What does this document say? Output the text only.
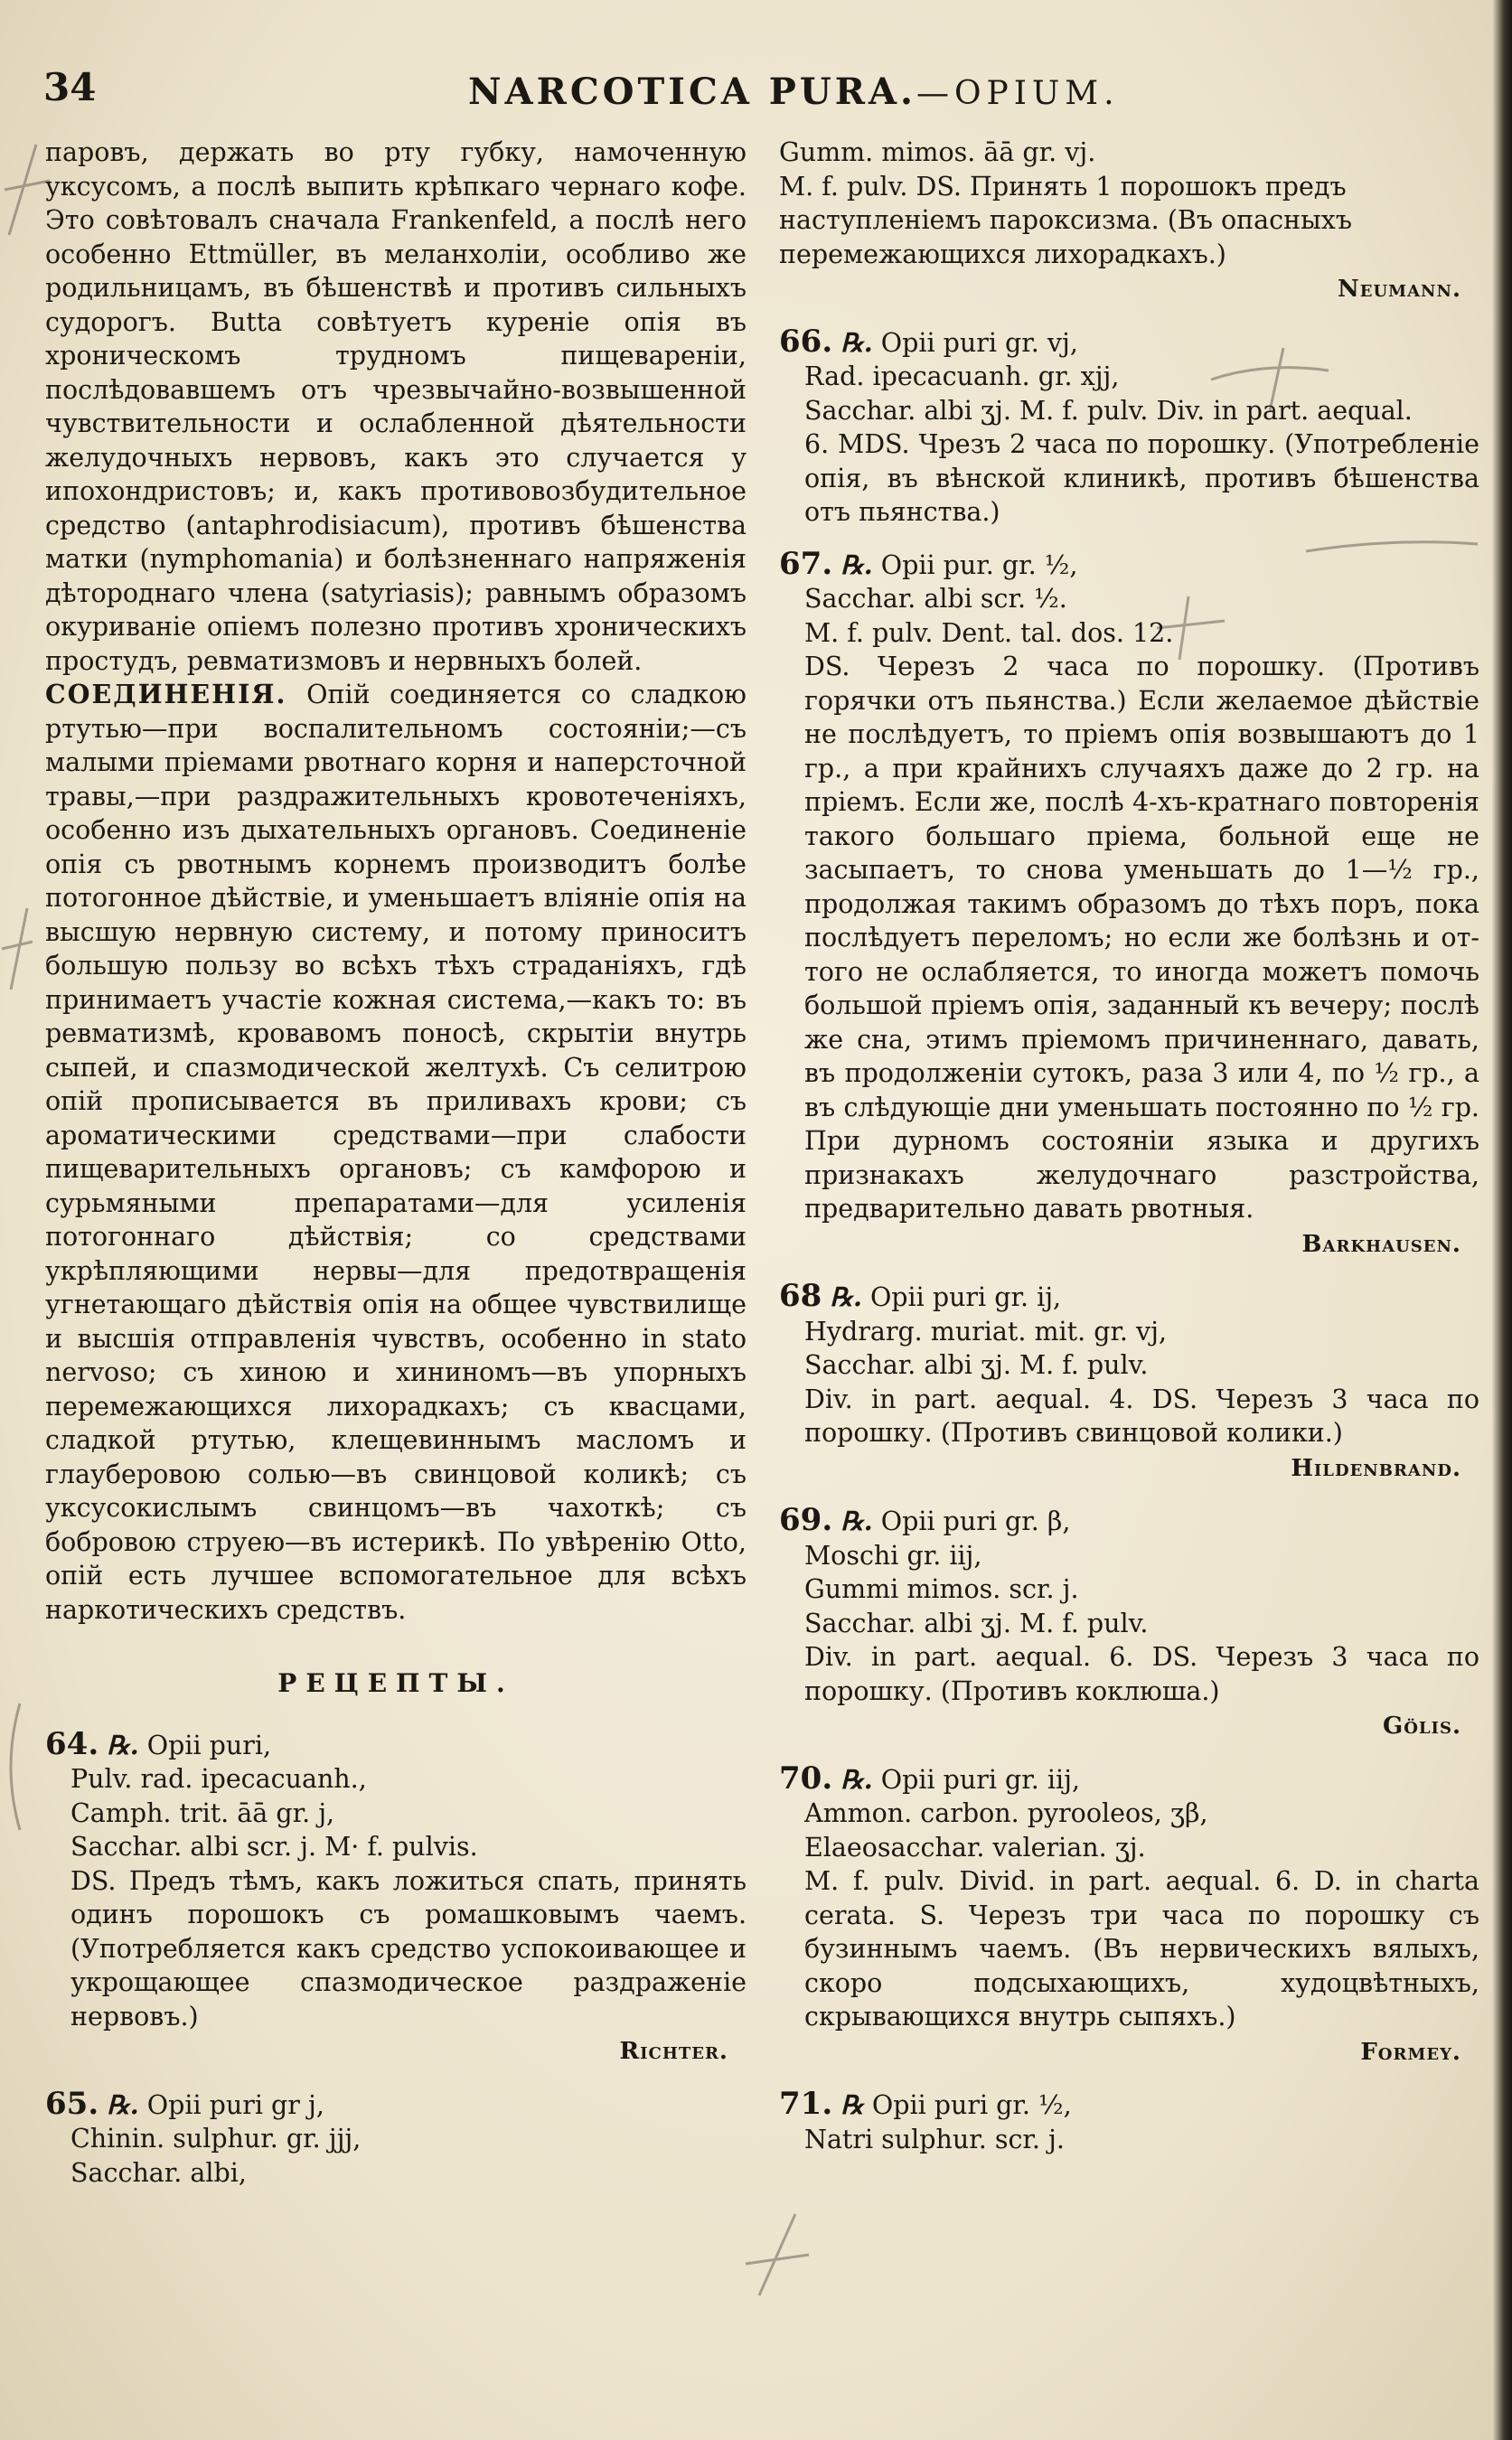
34	NARCOTICA PURA.—OPIUM.

паровъ, держать во рту губку, намоченную уксусомъ, а послѣ выпить крѣпкаго чернаго кофе. Это совѣтовалъ сначала Frankenfeld, а послѣ него особенно Ettmüller, въ меланхоліи, особливо же родильницамъ, въ бѣшенствѣ и противъ сильныхъ судорогъ. Butta совѣтуетъ куреніе опія въ хроническомъ трудномъ пищевареніи, послѣдовавшемъ отъ чрезвычайно-возвышенной чувствительности и ослабленной дѣятельности желудочныхъ нервовъ, какъ это случается у ипохондристовъ; и, какъ противовозбудительное средство (antaphrodisiacum), противъ бѣшенства матки (nymphomania) и болѣзненнаго напряженія дѣтороднаго члена (satyriasis); равнымъ образомъ окуриваніе опіемъ полезно противъ хроническихъ простудъ, ревматизмовъ и нервныхъ болей.

СОЕДИНЕНІЯ. Опій соединяется со сладкою ртутью—при воспалительномъ состояніи;—съ малыми пріемами рвотнаго корня и наперсточной травы,—при раздражительныхъ кровотеченіяхъ, особенно изъ дыхательныхъ органовъ. Соединеніе опія съ рвотнымъ корнемъ производитъ болѣе потогонное дѣйствіе, и уменьшаетъ вліяніе опія на высшую нервную систему, и потому приноситъ большую пользу во всѣхъ тѣхъ страданіяхъ, гдѣ принимаетъ участіе кожная система,—какъ то: въ ревматизмѣ, кровавомъ поносѣ, скрытіи внутрь сыпей, и спазмодической желтухѣ. Съ селитрою опій прописывается въ приливахъ крови; съ ароматическими средствами—при слабости пищеварительныхъ органовъ; съ камфорою и сурьмяными препаратами—для усиленія потогоннаго дѣйствія; со средствами укрѣпляющими нервы—для предотвращенія угнетающаго дѣйствія опія на общее чувствилище и высшія отправленія чувствъ, особенно in stato nervoso; съ хиною и хининомъ—въ упорныхъ перемежающихся лихорадкахъ; съ квасцами, сладкой ртутью, клещевиннымъ масломъ и глауберовою солью—въ свинцовой коликѣ; съ уксусокислымъ свинцомъ—въ чахоткѣ; съ бобровою струею—въ истерикѣ. По увѣренію Otto, опій есть лучшее вспомогательное для всѣхъ наркотическихъ средствъ.

РЕЦЕПТЫ.
64. ℞. Opii puri,
Pulv. rad. ipecacuanh.,
Camph. trit. āā gr. j,
Sacchar. albi scr. j. M· f. pulvis.
DS. Предъ тѣмъ, какъ ложиться спать, принять одинъ порошокъ съ ромашковымъ чаемъ. (Употребляется какъ средство успокоивающее и укрощающее спазмодическое раздраженіе нервовъ.)
Richter.
65. ℞. Opii puri gr j,
Chinin. sulphur. gr. jjj,
Sacchar. albi,
Gumm. mimos. āā gr. vj.
M. f. pulv. DS. Принять 1 порошокъ предъ наступленіемъ пароксизма. (Въ опасныхъ перемежающихся лихорадкахъ.)
Neumann.
66. ℞. Opii puri gr. vj,
Rad. ipecacuanh. gr. xjj,
Sacchar. albi ʒj. M. f. pulv. Div. in part. aequal.
6. MDS. Чрезъ 2 часа по порошку. (Употребленіе опія, въ вѣнской клиникѣ, противъ бѣшенства отъ пьянства.)
67. ℞. Opii pur. gr. ½,
Sacchar. albi scr. ½.
M. f. pulv. Dent. tal. dos. 12.
DS. Черезъ 2 часа по порошку. (Противъ горячки отъ пьянства.) Если желаемое дѣйствіе не послѣдуетъ, то пріемъ опія возвышаютъ до 1 гр., а при крайнихъ случаяхъ даже до 2 гр. на пріемъ. Если же, послѣ 4-хъ-кратнаго повторенія такого большаго пріема, больной еще не засыпаетъ, то снова уменьшать до 1—½ гр., продолжая такимъ образомъ до тѣхъ поръ, пока послѣдуетъ переломъ; но если же болѣзнь и от-того не ослабляется, то иногда можетъ помочь большой пріемъ опія, заданный къ вечеру; послѣ же сна, этимъ пріемомъ причиненнаго, давать, въ продолженіи сутокъ, раза 3 или 4, по ½ гр., а въ слѣдующіе дни уменьшать постоянно по ½ гр. При дурномъ состояніи языка и другихъ признакахъ желудочнаго разстройства, предварительно давать рвотныя.
Barkhausen.
68 ℞. Opii puri gr. ij,
Hydrarg. muriat. mit. gr. vj,
Sacchar. albi ʒj. M. f. pulv.
Div. in part. aequal. 4. DS. Черезъ 3 часа по порошку. (Противъ свинцовой колики.)
Hildenbrand.
69. ℞. Opii puri gr. β,
Moschi gr. iij,
Gummi mimos. scr. j.
Sacchar. albi ʒj. M. f. pulv.
Div. in part. aequal. 6. DS. Черезъ 3 часа по порошку. (Противъ коклюша.)
Gölis.
70. ℞. Opii puri gr. iij,
Ammon. carbon. pyrooleos, ʒβ,
Elaeosacchar. valerian. ʒj.
M. f. pulv. Divid. in part. aequal. 6. D. in charta cerata. S. Черезъ три часа по порошку съ бузиннымъ чаемъ. (Въ нервическихъ вялыхъ, скоро подсыхающихъ, худоцвѣтныхъ, скрывающихся внутрь сыпяхъ.)
Formey.
71. ℞ Opii puri gr. ½,
Natri sulphur. scr. j.
